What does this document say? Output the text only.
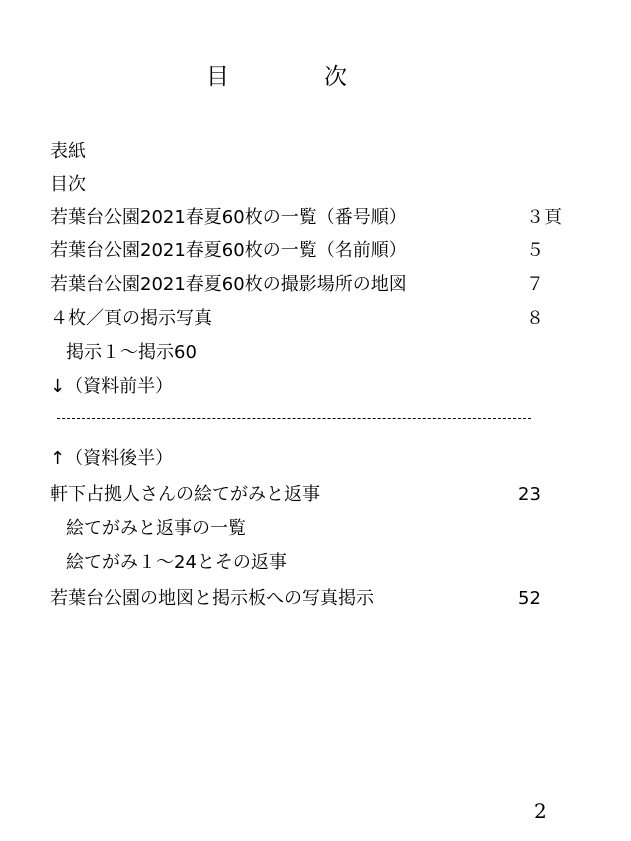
目　次
表紙
目次
若葉台公園2021春夏60枚の一覧（番号順）	３頁
若葉台公園2021春夏60枚の一覧（名前順）	５
若葉台公園2021春夏60枚の撮影場所の地図	７
４枚／頁の掲示写真	８
掲示１～掲示60
↓（資料前半）
↑（資料後半）
軒下占拠人さんの絵てがみと返事	23
絵てがみと返事の一覧
絵てがみ１～24とその返事
若葉台公園の地図と掲示板への写真掲示	52
2
